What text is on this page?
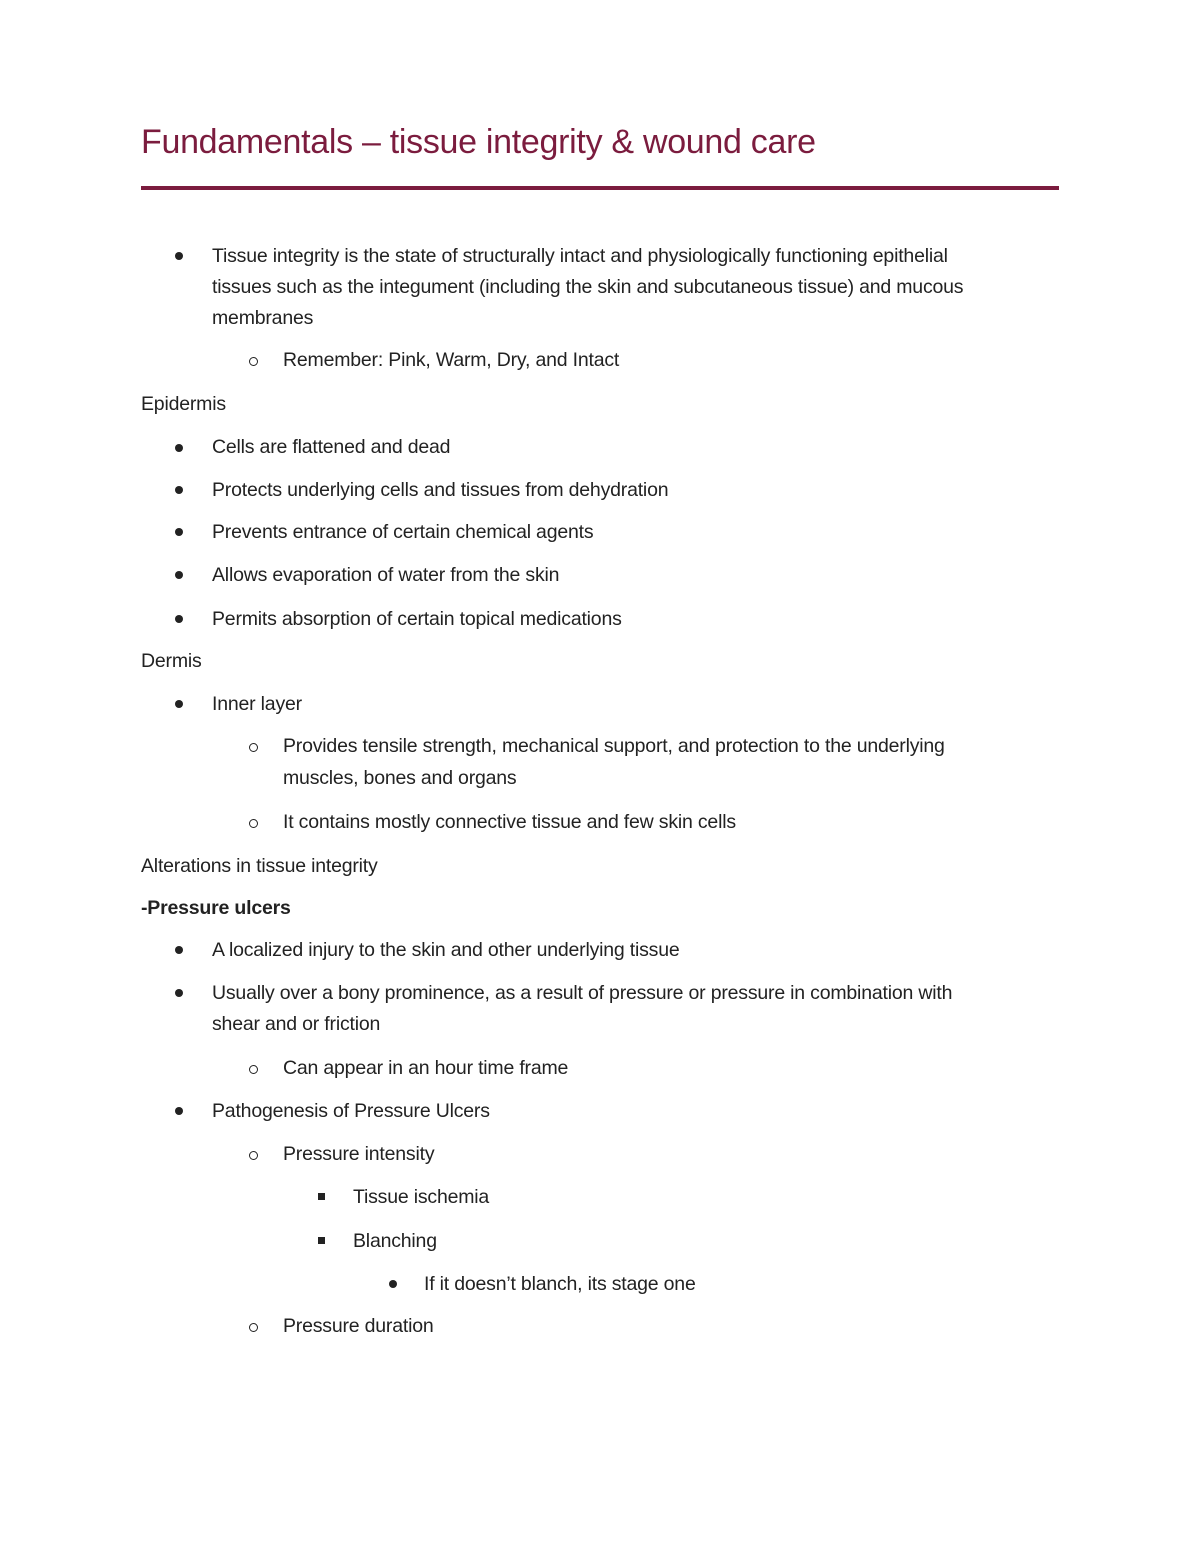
Fundamentals – tissue integrity & wound care
Tissue integrity is the state of structurally intact and physiologically functioning epithelial
tissues such as the integument (including the skin and subcutaneous tissue) and mucous
membranes
Remember: Pink, Warm, Dry, and Intact
Epidermis
Cells are flattened and dead
Protects underlying cells and tissues from dehydration
Prevents entrance of certain chemical agents
Allows evaporation of water from the skin
Permits absorption of certain topical medications
Dermis
Inner layer
Provides tensile strength, mechanical support, and protection to the underlying
muscles, bones and organs
It contains mostly connective tissue and few skin cells
Alterations in tissue integrity
-Pressure ulcers
A localized injury to the skin and other underlying tissue
Usually over a bony prominence, as a result of pressure or pressure in combination with
shear and or friction
Can appear in an hour time frame
Pathogenesis of Pressure Ulcers
Pressure intensity
Tissue ischemia
Blanching
If it doesn’t blanch, its stage one
Pressure duration
